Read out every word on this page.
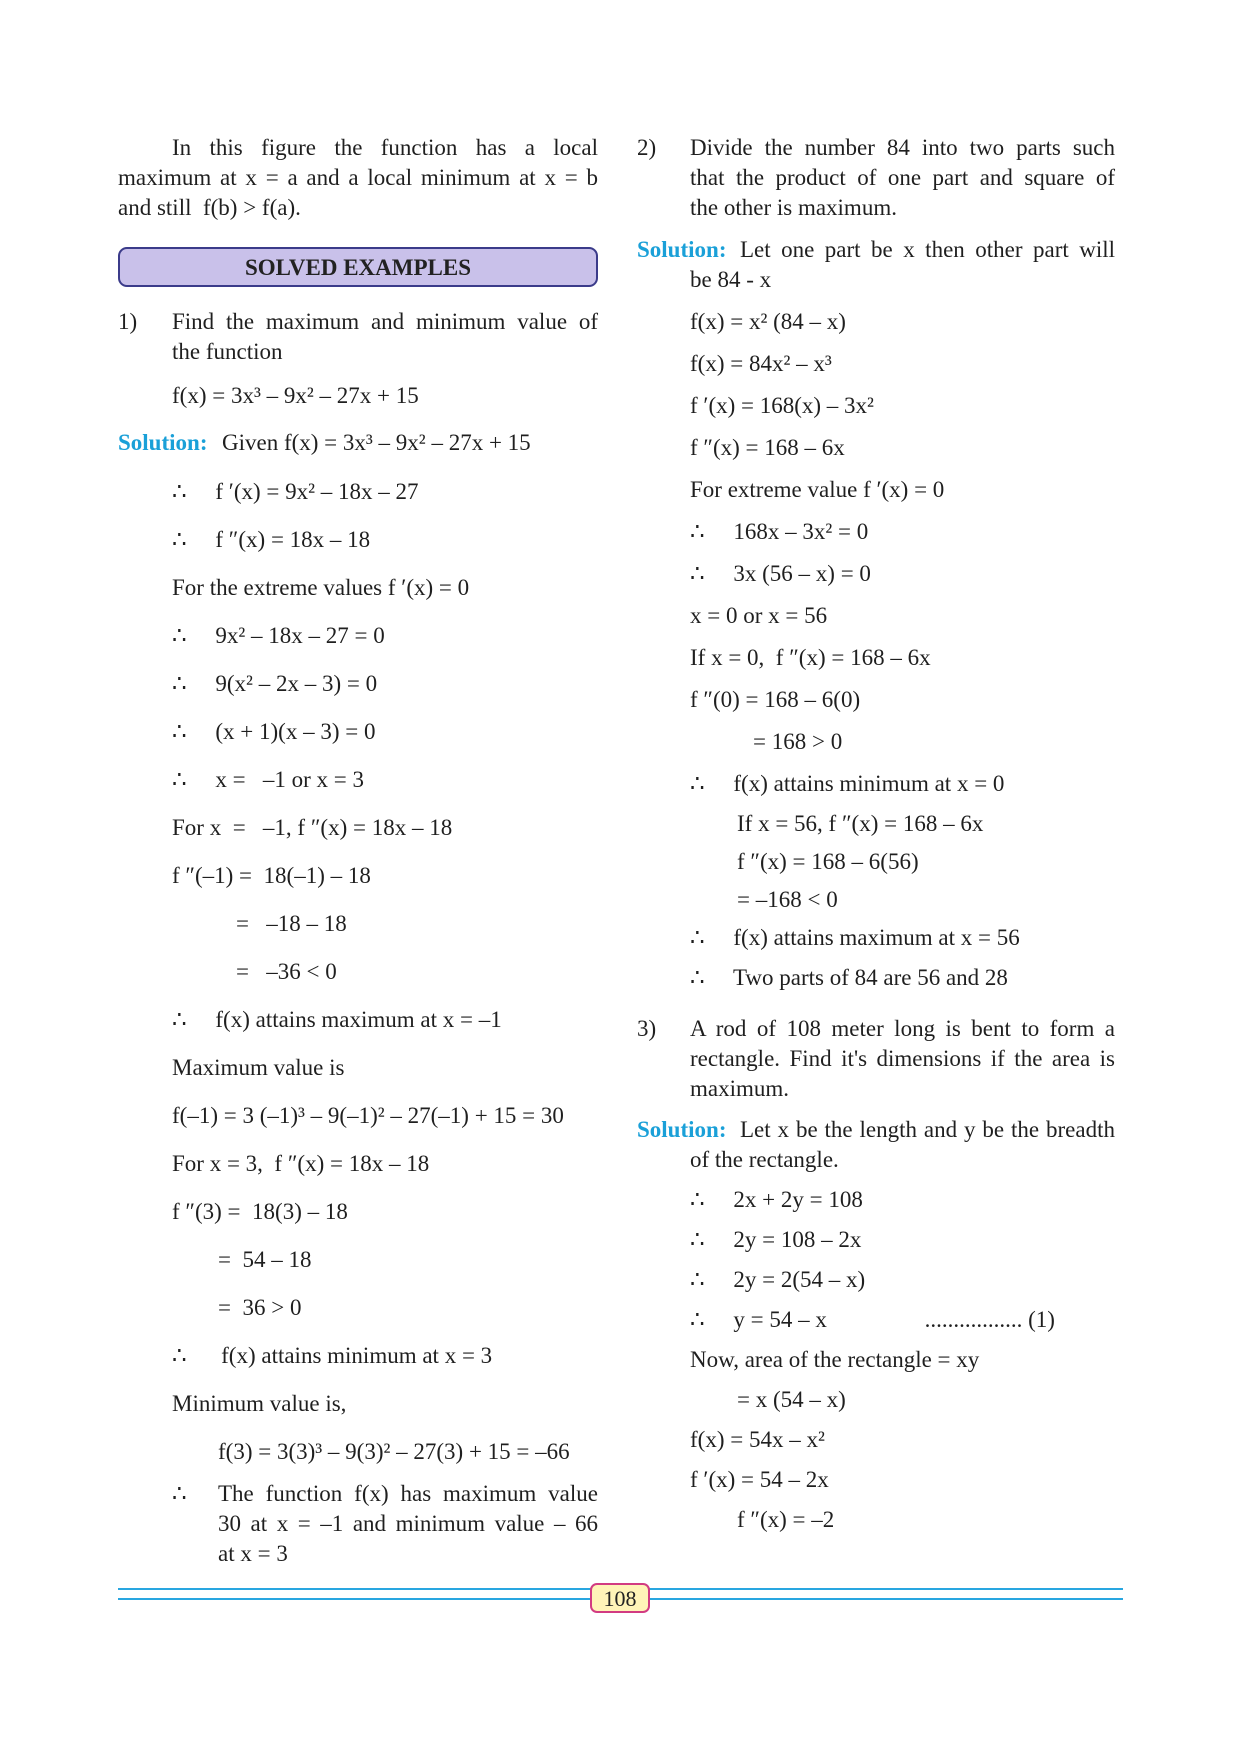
In this figure the function has a local
maximum at x = a and a local minimum at x = b
and still  f(b) > f(a).
SOLVED EXAMPLES
1) Find the maximum and minimum value of
the function
f(x) = 3x³ – 9x² – 27x + 15
Solution: Given f(x) = 3x³ – 9x² – 27x + 15
∴     f ′(x) = 9x² – 18x – 27
∴     f ″(x) = 18x – 18
For the extreme values f ′(x) = 0
∴     9x² – 18x – 27 = 0
∴     9(x² – 2x – 3) = 0
∴     (x + 1)(x – 3) = 0
∴     x =   –1 or x = 3
For x  =   –1, f ″(x) = 18x – 18
f ″(–1) =  18(–1) – 18
=   –18 – 18
=   –36 < 0
∴     f(x) attains maximum at x = –1
Maximum value is
f(–1) = 3 (–1)³ – 9(–1)² – 27(–1) + 15 = 30
For x = 3,  f ″(x) = 18x – 18
f ″(3) =  18(3) – 18
=  54 – 18
=  36 > 0
∴      f(x) attains minimum at x = 3
Minimum value is,
f(3) = 3(3)³ – 9(3)² – 27(3) + 15 = –66
∴ The function f(x) has maximum value
30 at x = –1 and minimum value – 66
at x = 3
2) Divide the number 84 into two parts such
that the product of one part and square of
the other is maximum.
Solution: Let one part be x then other part will
be 84 - x
f(x) = x² (84 – x)
f(x) = 84x² – x³
f ′(x) = 168(x) – 3x²
f ″(x) = 168 – 6x
For extreme value f ′(x) = 0
∴     168x – 3x² = 0
∴     3x (56 – x) = 0
x = 0 or x = 56
If x = 0,  f ″(x) = 168 – 6x
f ″(0) = 168 – 6(0)
= 168 > 0
∴     f(x) attains minimum at x = 0
If x = 56, f ″(x) = 168 – 6x
f ″(x) = 168 – 6(56)
= –168 < 0
∴     f(x) attains maximum at x = 56
∴     Two parts of 84 are 56 and 28
3) A rod of 108 meter long is bent to form a
rectangle. Find it's dimensions if the area is
maximum.
Solution: Let x be the length and y be the breadth
of the rectangle.
∴     2x + 2y = 108
∴     2y = 108 – 2x
∴     2y = 2(54 – x)
∴     y = 54 – x                 ................. (1)
Now, area of the rectangle = xy
= x (54 – x)
f(x) = 54x – x²
f ′(x) = 54 – 2x
f ″(x) = –2
108
